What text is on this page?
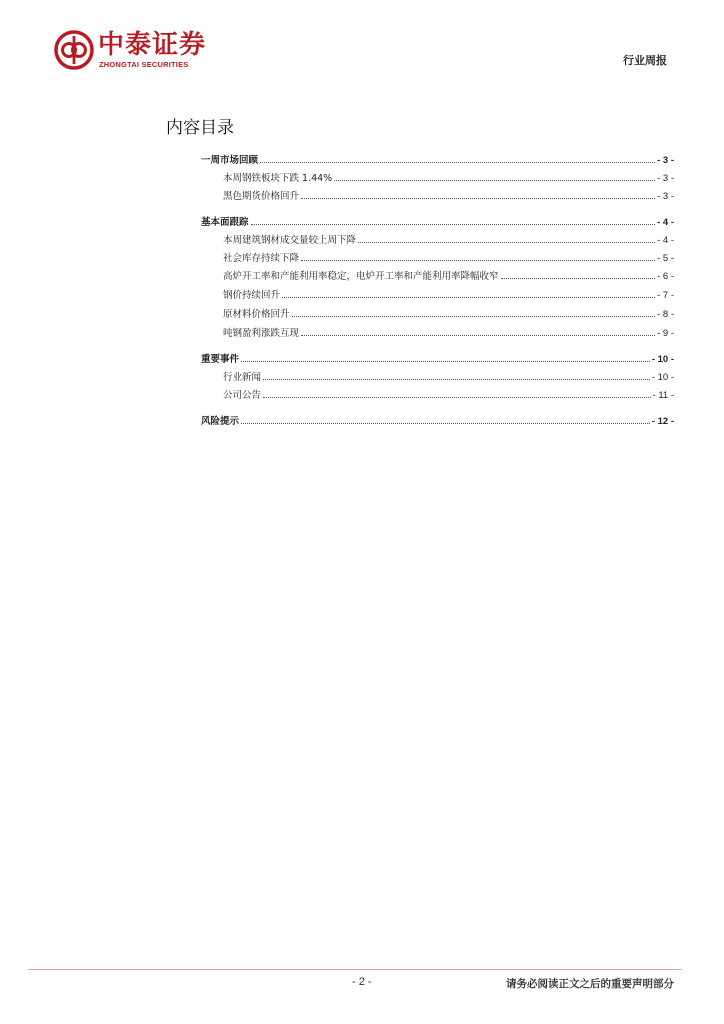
中泰证券
ZHONGTAI SECURITIES	行业周报
内容目录
一周市场回顾	- 3 -
本周钢铁板块下跌 1.44%	- 3 -
黑色期货价格回升	- 3 -
基本面跟踪	- 4 -
本周建筑钢材成交量较上周下降	- 4 -
社会库存持续下降	- 5 -
高炉开工率和产能利用率稳定，电炉开工率和产能利用率降幅收窄	- 6 -
钢价持续回升	- 7 -
原材料价格回升	- 8 -
吨钢盈利涨跌互现	- 9 -
重要事件	- 10 -
行业新闻	- 10 -
公司公告	- 11 -
风险提示	- 12 -
- 2 -	请务必阅读正文之后的重要声明部分
